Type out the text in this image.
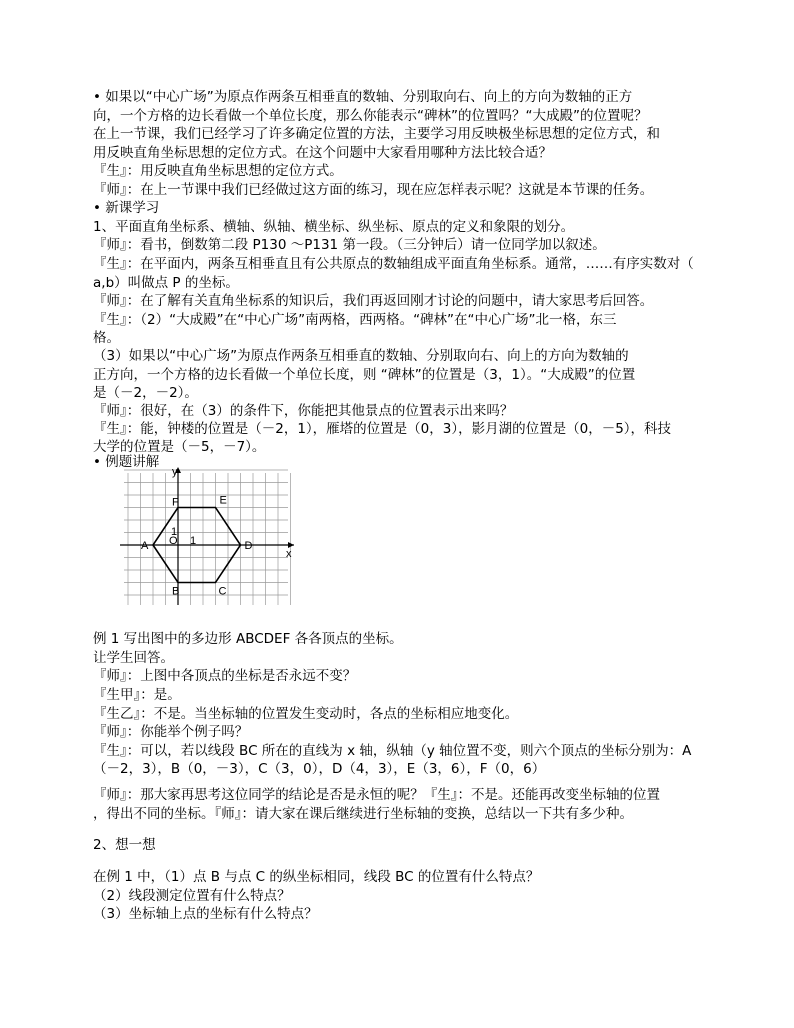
• 如果以“中心广场”为原点作两条互相垂直的数轴、分别取向右、向上的方向为数轴的正方
向，一个方格的边长看做一个单位长度，那么你能表示“碑林”的位置吗？“大成殿”的位置呢？
在上一节课，我们已经学习了许多确定位置的方法，主要学习用反映极坐标思想的定位方式，和
用反映直角坐标思想的定位方式。在这个问题中大家看用哪种方法比较合适？
『生』：用反映直角坐标思想的定位方式。
『师』：在上一节课中我们已经做过这方面的练习，现在应怎样表示呢？这就是本节课的任务。
• 新课学习
1、平面直角坐标系、横轴、纵轴、横坐标、纵坐标、原点的定义和象限的划分。
『师』：看书，倒数第二段 P130 ～P131 第一段。（三分钟后）请一位同学加以叙述。
『生』：在平面内，两条互相垂直且有公共原点的数轴组成平面直角坐标系。通常，……有序实数对（
a,b）叫做点 P 的坐标。
『师』：在了解有关直角坐标系的知识后，我们再返回刚才讨论的问题中，请大家思考后回答。
『生』：（2）“大成殿”在“中心广场”南两格，西两格。“碑林”在“中心广场”北一格，东三
格。
（3）如果以“中心广场”为原点作两条互相垂直的数轴、分别取向右、向上的方向为数轴的
正方向，一个方格的边长看做一个单位长度，则 “碑林”的位置是（3，1）。“大成殿”的位置
是（－2，－2）。
『师』：很好，在（3）的条件下，你能把其他景点的位置表示出来吗？
『生』：能，钟楼的位置是（－2，1），雁塔的位置是（0，3），影月湖的位置是（0，－5），科技
大学的位置是（－5，－7）。
• 例题讲解
A
B	C
D
E
F
y
x
O 1
1
例 1 写出图中的多边形 ABCDEF 各各顶点的坐标。
让学生回答。
『师』：上图中各顶点的坐标是否永远不变？
『生甲』：是。
『生乙』：不是。当坐标轴的位置发生变动时，各点的坐标相应地变化。
『师』：你能举个例子吗？
『生』：可以，若以线段 BC 所在的直线为 x 轴，纵轴（y 轴位置不变，则六个顶点的坐标分别为：A
（－2，3），B（0，－3），C（3，0），D（4，3），E（3，6），F（0，6）
『师』：那大家再思考这位同学的结论是否是永恒的呢？『生』：不是。还能再改变坐标轴的位置
，得出不同的坐标。『师』：请大家在课后继续进行坐标轴的变换，总结以一下共有多少种。
2、想一想
在例 1 中，（1）点 B 与点 C 的纵坐标相同，线段 BC 的位置有什么特点？
（2）线段测定位置有什么特点？
（3）坐标轴上点的坐标有什么特点？
